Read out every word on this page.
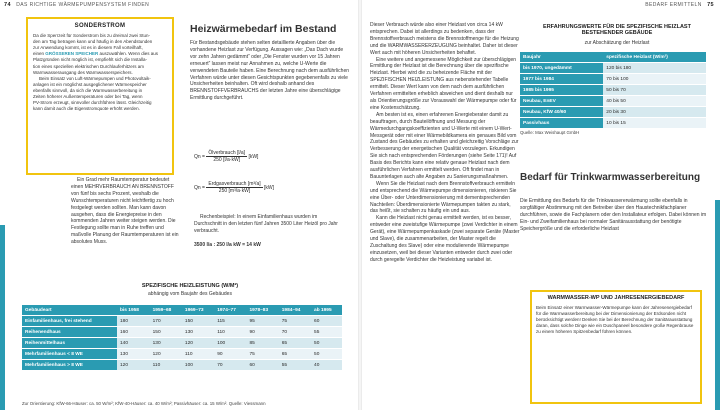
74 DAS RICHTIGE WÄRMEPUMPENSYSTEM FINDEN
SONDERSTROM

Da die Sperrzeit für Sonderstrom bis zu dreimal zwei Stun-

den am Tag betragen kann und häufig in den Abendstunden

zur Anwendung kommt, ist es in diesem Fall vorteilhaft,

einen GRÖSSEREN SPEICHER auszuwählen. Wenn dies aus

Platzgründen nicht möglich ist, empfiehlt sich die Installa-

tion eines speziellen elektrischen Durchlauferhitzers am

Warmwasserausgang des Warmwasserspeichers.

Beim Einsatz von Luft-Wärmepumpen und Photovoltaik-

anlagen ist ein möglichst ausgeglichener Wärmespeicher

ebenfalls sinnvoll, da sich die Warmwasserbereitung in

Zeiten höherer Außentemperaturen oder bei Tag, wenn

PV-Strom erzeugt, sinnvoller durchführen lässt. Gleichzeitig

kann damit auch die Eigenstromquote erhöht werden.

Ein Grad mehr Raumtemperatur bedeutet einen MEHRVERBRAUCH AN BRENNSTOFF von fünf bis sechs Prozent, weshalb die Wunschtemperaturen nicht leichtfertig zu hoch festgelegt werden sollten. Man kann davon ausgehen, dass die Energiepreise in den kommenden Jahren weiter steigen werden. Die Festlegung sollte man in Ruhe treffen und maßvolle Planung der Raumtemperaturen ist ein absolutes Muss.

Heizwärmebedarf im Bestand

Für Bestandsgebäude stehen selten detaillierte Angaben über die vorhandene Heizlast zur Verfügung. Aussagen wie: „Das Dach wurde vor zehn Jahren gedämmt“ oder „Die Fenster wurden vor 15 Jahren erneuert“ lassen meist nur Annahmen zu, welche U-Werte die verwendeten Bauteile haben. Eine Berechnung nach dem ausführlichen Verfahren würde unter diesen Gesichtspunkten gegebenenfalls zu viele Unsicherheiten beinhalten. Oft wird deshalb anhand des BRENNSTOFFVERBRAUCHS der letzten Jahre eine überschlägige Ermittlung durchgeführt.

$Qn = \frac{\text{Ölverbrauch [l/a]}}{250 [l/a\cdot kW]} [kW]$
$Qn = \frac{\text{Erdgasverbrauch [m³/a]}}{\text{250 [m³/a·kW]}} [kW]$

Rechenbeispiel: In einem Einfamilienhaus wurden im Durchschnitt in den letzten fünf Jahren 3500 Liter Heizöl pro Jahr verbraucht.

3500 l/a : 250 l/a kW = 14 kW
SPEZIFISCHE HEIZLEISTUNG (W/M²)
abhängig vom Baujahr des Gebäudes
Gebäudeart	bis 1958	1959–68	1969–73	1974–77	1978–83	1984–94	ab 1995
Einfamilienhaus, frei stehend	180	170	150	115	95	75	60
Reihenendhaus	160	150	130	110	90	70	55
Reihenmittelhaus	140	130	120	100	85	65	50
Mehrfamilienhaus < 8 WE	130	120	110	90	75	65	50
Mehrfamilienhaus > 8 WE	120	110	100	70	60	55	40
Zur Orientierung: KfW-66-Häuser: ca. 50 W/m²; KfW-40-Häuser: ca. 40 W/m²; Passivhäuser: ca. 15 W/m². Quelle: Viessmann
BEDARF ERMITTELN 75

Dieser Verbrauch würde also einer Heizlast von circa 14 kW entsprechen. Dabei ist allerdings zu bedenken, dass der Brennstoffverbrauch meistens die Brennstoffmenge für die Heizung und die WARMWASSERERZEUGUNG beinhaltet. Daher ist dieser Wert auch mit höheren Unsicherheiten behaftet.

Eine weitere und angemessene Möglichkeit zur überschlägigen Ermittlung der Heizlast ist die Berechnung über die spezifische Heizlast. Hierbei wird die zu beheizende Fläche mit der SPEZIFISCHEN HEIZLEISTUNG aus nebenstehender Tabelle ermittelt. Dieser Wert kann von dem nach dem ausführlichen Verfahren ermittelten erheblich abweichen und dient deshalb nur als Orientierungsgröße zur Vorauswahl der Wärmepumpe oder für eine Kostenschätzung.

Am besten ist es, einen erfahrenen Energieberater damit zu beauftragen, durch Bauteilöffnung und Messung der Wärmedurchgangskoeffizienten und U-Werte mit einem U-Wert-Messgerät oder mit einer Wärmebildkamera ein genaues Bild vom Zustand des Gebäudes zu erhalten und gleichzeitig Vorschläge zur Verbesserung der energetischen Qualität vorzulegen. Erkundigen Sie sich nach entsprechenden Förderungen (siehe Seite 171)! Auf Basis des Berichts kann eine relativ genaue Heizlast nach dem ausführlichen Verfahren ermittelt werden. Oft findet man in Bauunterlagen auch alte Angaben zu Sanierungsmaßnahmen.

Wenn Sie die Heizlast nach dem Brennstoffverbrauch ermitteln und entsprechend die Wärmepumpe dimensionieren, riskieren Sie eine Über- oder Unterdimensionierung mit dementsprechenden Nachteilen: Überdimensionierte Wärmepumpen takten zu stark, das heißt, sie schalten zu häufig ein und aus.

Kann die Heizlast nicht genau ermittelt werden, ist es besser, entweder eine zweistufige Wärmepumpe (zwei Verdichter in einem Gerät), eine Wärmepumpenkaskade (zwei separate Geräte (Master und Slave), die zusammenarbeiten, der Master regelt die Zuschaltung des Slave) oder eine modulierende Wärmepumpe einzusetzen, weil bei dieser Varianten entweder durch zwei oder durch geregelte Verdichter die Heizleistung variabel ist.

ERFAHRUNGSWERTE FÜR DIE SPEZIFISCHE HEIZLAST BESTEHENDER GEBÄUDE
zur Abschätzung der Heizlast
Baujahr	spezifische Heizlast (W/m²)
bis 1970, ungedämmt	120 bis 180
1977 bis 1984	70 bis 100
1985 bis 1995	50 bis 70
Neubau, EnEV	40 bis 50
Neubau, KfW 40/60	20 bis 30
Passivhaus	10 bis 15
Quelle: Max Weishaupt GmbH
Bedarf für Trinkwarmwasserbereitung

Die Ermittlung des Bedarfs für die Trinkwassererwärmung sollte ebenfalls in sorgfältiger Abstimmung mit den Betreiber über den Haustechnikfachplaner durchführen, sowie die Fachplanern oder den Installateur erfolgen. Dabei können im Ein- und Zweifamilienhaus bei normaler Sanitärausstattung der benötigte Speichergröße und die erforderliche Heizlast

WARMWASSER-WP UND JAHRESENERGIEBEDARF

Beim Einsatz einer Warmwasser-Wärmepumpe kann der Jahresenergiebedarf für die Warmwasserbereitung bei der Dimensionierung der Erdsonden nicht berücksichtigt werden! Denken Sie bei der Berechnung der Sanitärausstattung daran, dass solche Dinge wie ein Duschpaneel besondere große Regenbrause zu einem höheren Spitzenbedarf führen können.
